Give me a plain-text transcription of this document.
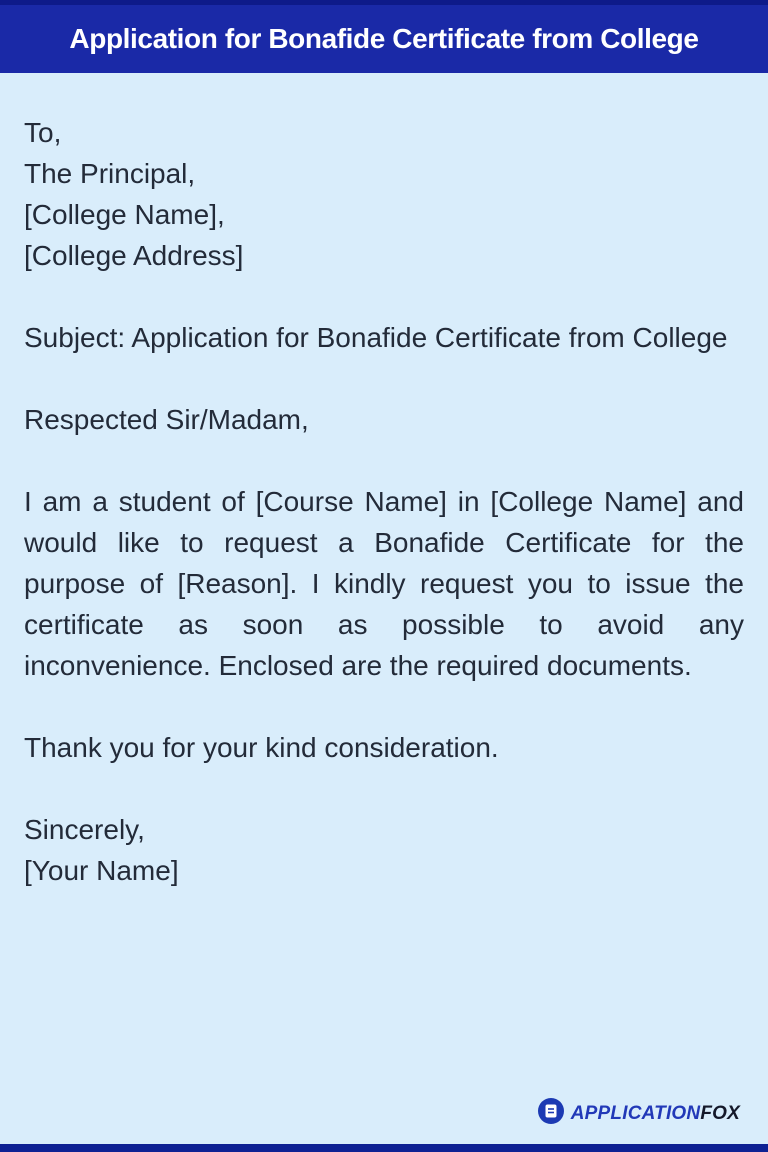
Application for Bonafide Certificate from College
To,
The Principal,
[College Name],
[College Address]

Subject: Application for Bonafide Certificate from College

Respected Sir/Madam,

I am a student of [Course Name] in [College Name] and would like to request a Bonafide Certificate for the purpose of [Reason]. I kindly request you to issue the certificate as soon as possible to avoid any inconvenience. Enclosed are the required documents.

Thank you for your kind consideration.

Sincerely,
[Your Name]
APPLICATIONFOX
